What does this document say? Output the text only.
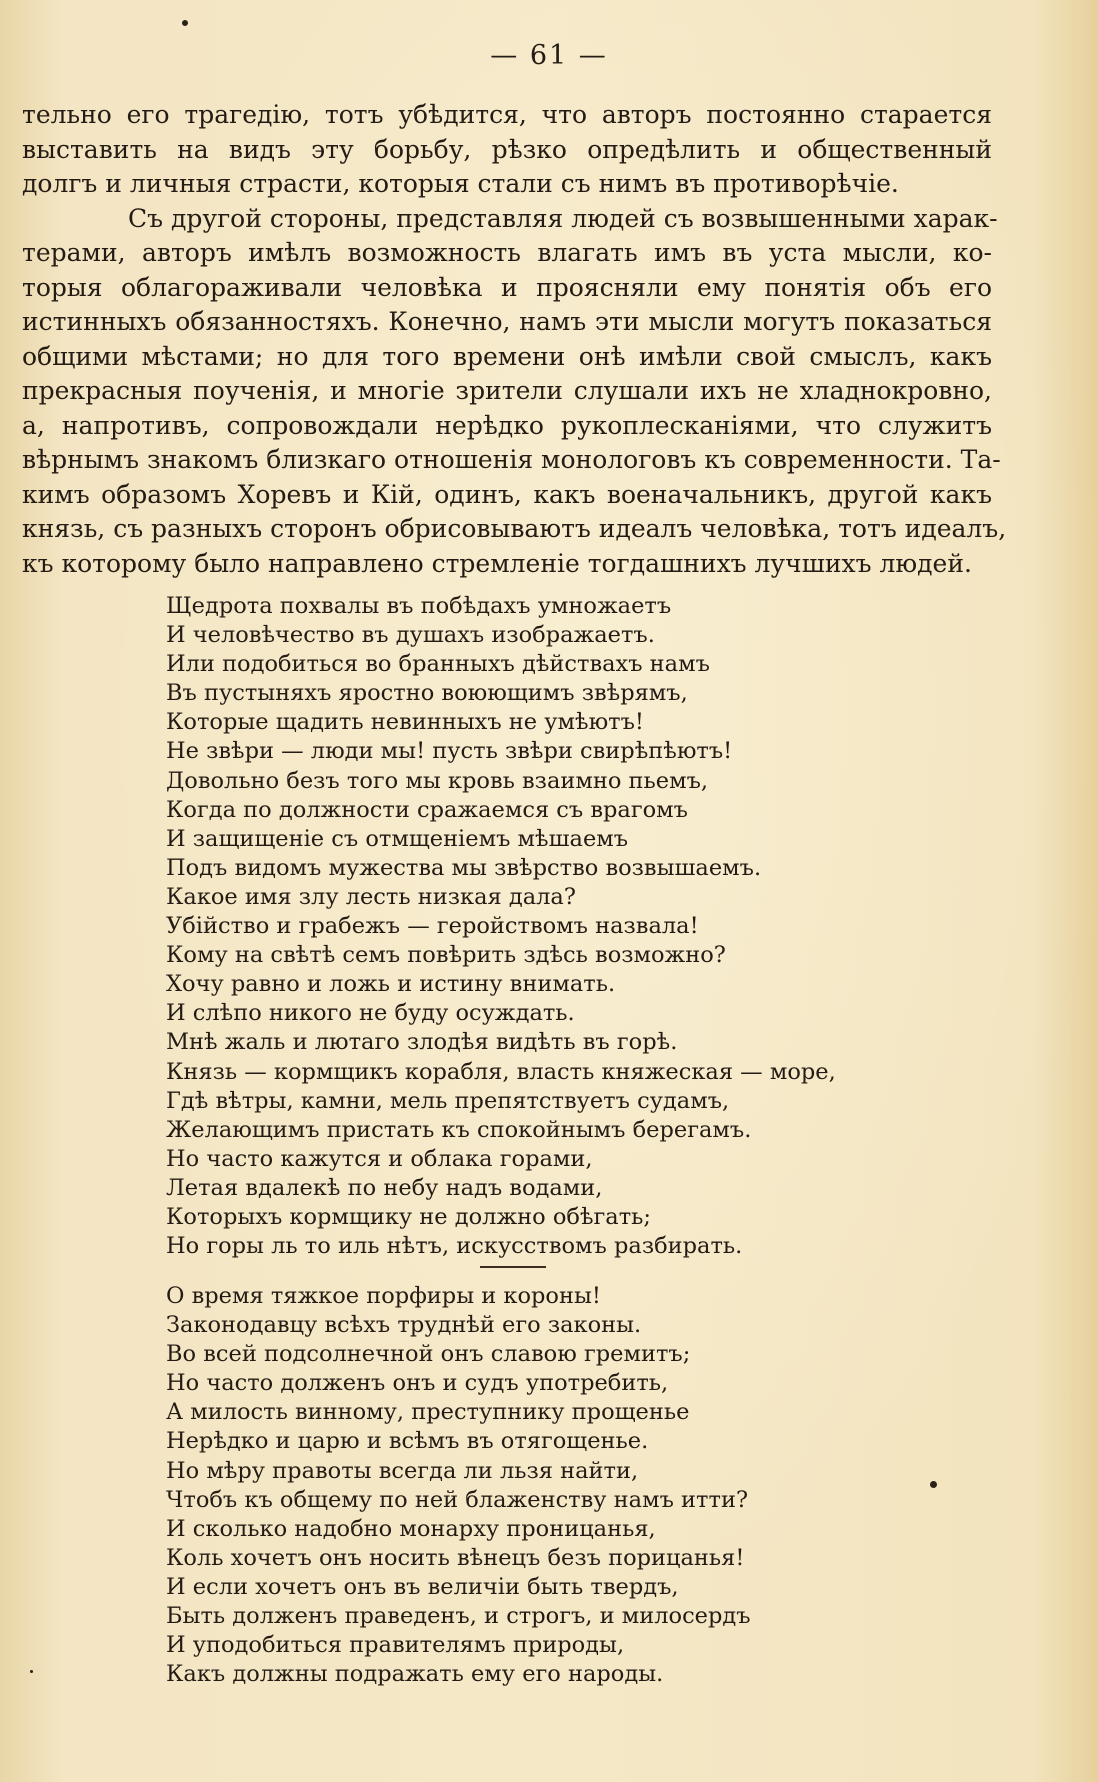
— 61 —

тельно его трагедію, тотъ убѣдится, что авторъ постоянно старается
выставить на видъ эту борьбу, рѣзко опредѣлить и общественный

долгъ и личныя страсти, которыя стали съ нимъ въ противорѣчіе.

Съ другой стороны, представляя людей съ возвышенными харак-

терами, авторъ имѣлъ возможность влагать имъ въ уста мысли, ко-
торыя облагораживали человѣка и проясняли ему понятія объ его
истинныхъ обязанностяхъ. Конечно, намъ эти мысли могутъ показаться
общими мѣстами; но для того времени онѣ имѣли свой смыслъ, какъ
прекрасныя поученія, и многіе зрители слушали ихъ не хладнокровно,
а, напротивъ, сопровождали нерѣдко рукоплесканіями, что служитъ
вѣрнымъ знакомъ близкаго отношенія монологовъ къ современности. Та-
кимъ образомъ Хоревъ и Кій, одинъ, какъ военачальникъ, другой какъ
князь, съ разныхъ сторонъ обрисовываютъ идеалъ человѣка, тотъ идеалъ,

къ которому было направлено стремленіе тогдашнихъ лучшихъ людей.

Щедрота похвалы въ побѣдахъ умножаетъ
И человѣчество въ душахъ изображаетъ.
Или подобиться во бранныхъ дѣйствахъ намъ
Въ пустыняхъ яростно воюющимъ звѣрямъ,
Которые щадить невинныхъ не умѣютъ!
Не звѣри — люди мы! пусть звѣри свирѣпѣютъ!
Довольно безъ того мы кровь взаимно пьемъ,
Когда по должности сражаемся съ врагомъ
И защищеніе съ отмщеніемъ мѣшаемъ
Подъ видомъ мужества мы звѣрство возвышаемъ.
Какое имя злу лесть низкая дала?
Убійство и грабежъ — геройствомъ назвала!
Кому на свѣтѣ семъ повѣрить здѣсь возможно?
Хочу равно и ложь и истину внимать.
И слѣпо никого не буду осуждать.
Мнѣ жаль и лютаго злодѣя видѣть въ горѣ.
Князь — кормщикъ корабля, власть княжеская — море,
Гдѣ вѣтры, камни, мель препятствуетъ судамъ,
Желающимъ пристать къ спокойнымъ берегамъ.
Но часто кажутся и облака горами,
Летая вдалекѣ по небу надъ водами,
Которыхъ кормщику не должно обѣгать;
Но горы ль то иль нѣтъ, искусствомъ разбирать.
О время тяжкое порфиры и короны!
Законодавцу всѣхъ труднѣй его законы.
Во всей подсолнечной онъ славою гремитъ;
Но часто долженъ онъ и судъ употребить,
А милость винному, преступнику прощенье
Нерѣдко и царю и всѣмъ въ отягощенье.
Но мѣру правоты всегда ли льзя найти,
Чтобъ къ общему по ней блаженству намъ итти?
И сколько надобно монарху проницанья,
Коль хочетъ онъ носить вѣнецъ безъ порицанья!
И если хочетъ онъ въ величіи быть твердъ,
Быть долженъ праведенъ, и строгъ, и милосердъ
И уподобиться правителямъ природы,
Какъ должны подражать ему его народы.
